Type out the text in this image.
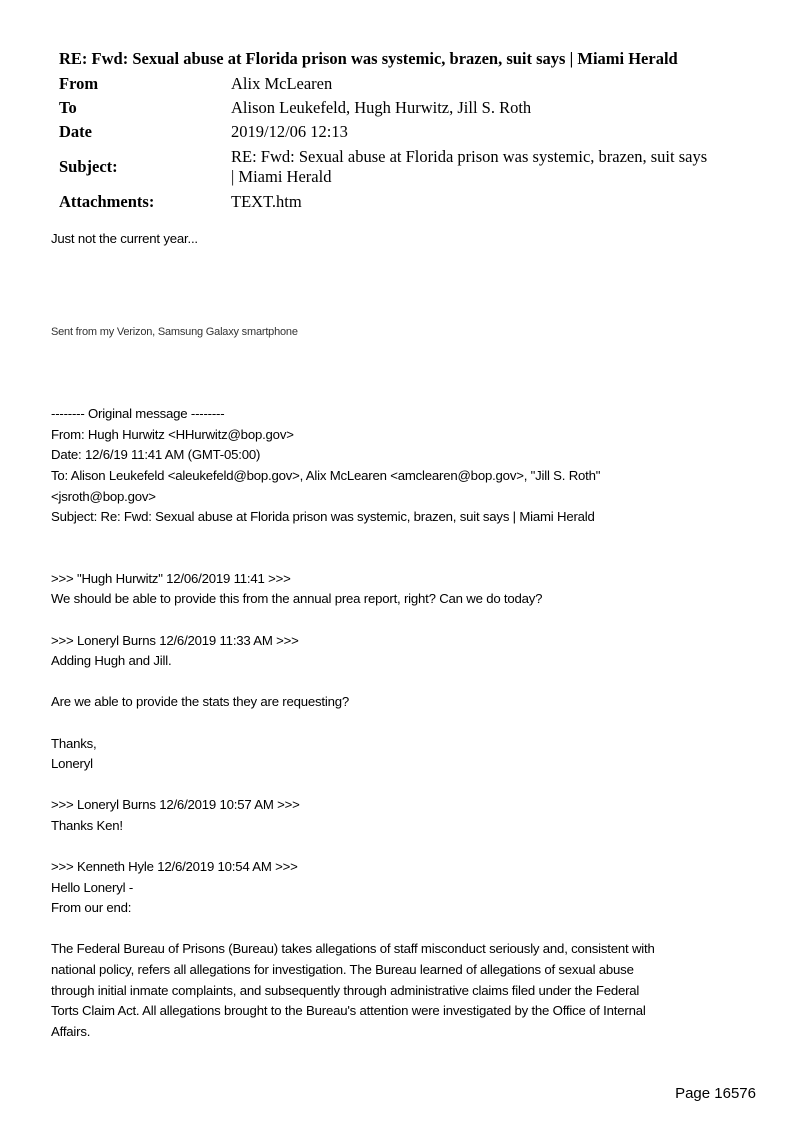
RE: Fwd: Sexual abuse at Florida prison was systemic, brazen, suit says | Miami Herald
From	Alix McLearen
To	Alison Leukefeld, Hugh Hurwitz, Jill S. Roth
Date	2019/12/06 12:13
Subject:	RE: Fwd: Sexual abuse at Florida prison was systemic, brazen, suit says
| Miami Herald

Attachments:	TEXT.htm

Just not the current year...

Sent from my Verizon, Samsung Galaxy smartphone

-------- Original message --------

From: Hugh Hurwitz <HHurwitz@bop.gov>

Date: 12/6/19 11:41 AM (GMT-05:00)

To: Alison Leukefeld <aleukefeld@bop.gov>, Alix McLearen <amclearen@bop.gov>, "Jill S. Roth"

<jsroth@bop.gov>

Subject: Re: Fwd: Sexual abuse at Florida prison was systemic, brazen, suit says | Miami Herald

>>> "Hugh Hurwitz" 12/06/2019 11:41 >>>

We should be able to provide this from the annual prea report, right? Can we do today?

>>> Loneryl Burns 12/6/2019 11:33 AM >>>

Adding Hugh and Jill.

Are we able to provide the stats they are requesting?

Thanks,

Loneryl

>>> Loneryl Burns 12/6/2019 10:57 AM >>>

Thanks Ken!

>>> Kenneth Hyle 12/6/2019 10:54 AM >>>

Hello Loneryl -

From our end:

The Federal Bureau of Prisons (Bureau) takes allegations of staff misconduct seriously and, consistent with

national policy, refers all allegations for investigation. The Bureau learned of allegations of sexual abuse

through initial inmate complaints, and subsequently through administrative claims filed under the Federal

Torts Claim Act. All allegations brought to the Bureau's attention were investigated by the Office of Internal

Affairs.

Page 16576
